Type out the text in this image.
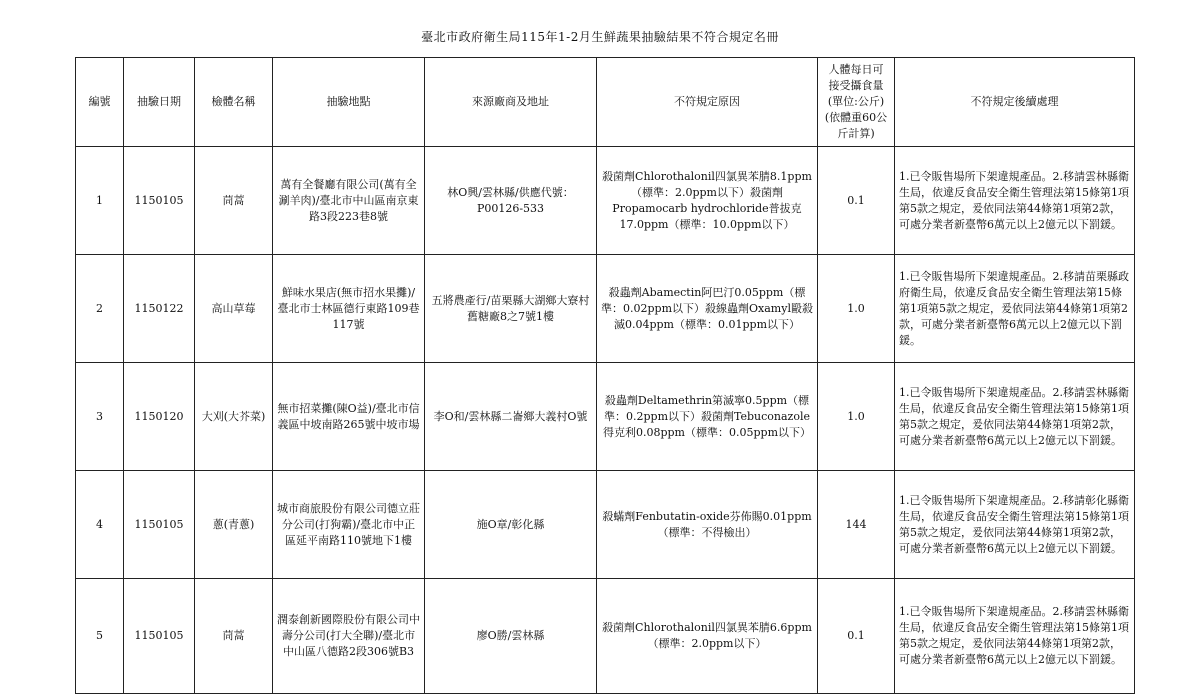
臺北市政府衛生局115年1-2月生鮮蔬果抽驗結果不符合規定名冊
編號	抽驗日期	檢體名稱	抽驗地點	來源廠商及地址	不符規定原因	人體每日可
接受攝食量
(單位:公斤)
(依體重60公
斤計算)	不符規定後續處理
1	1150105	茼蒿	萬有全餐廳有限公司(萬有全涮羊肉)/臺北市中山區南京東路3段223巷8號	林O興/雲林縣/供應代號：P00126-533	殺菌劑Chlorothalonil四氯異苯腈8.1ppm（標準：2.0ppm以下）殺菌劑Propamocarb hydrochloride普拔克17.0ppm（標準：10.0ppm以下）	0.1	1.已令販售場所下架違規產品。2.移請雲林縣衛生局，依違反食品安全衛生管理法第15條第1項第5款之規定，爰依同法第44條第1項第2款，可處分業者新臺幣6萬元以上2億元以下罰鍰。
2	1150122	高山草莓	鮮味水果店(無市招水果攤)/臺北市士林區德行東路109巷117號	五將農產行/苗栗縣大湖鄉大寮村舊糖廠8之7號1樓	殺蟲劑Abamectin阿巴汀0.05ppm（標準：0.02ppm以下）殺線蟲劑Oxamyl毆殺滅0.04ppm（標準：0.01ppm以下）	1.0	1.已令販售場所下架違規產品。2.移請苗栗縣政府衛生局，依違反食品安全衛生管理法第15條第1項第5款之規定，爰依同法第44條第1項第2款，可處分業者新臺幣6萬元以上2億元以下罰鍰。
3	1150120	大刈(大芥菜)	無市招菜攤(陳O益)/臺北市信義區中坡南路265號中坡市場	李O和/雲林縣二崙鄉大義村O號	殺蟲劑Deltamethrin第滅寧0.5ppm（標準：0.2ppm以下）殺菌劑Tebuconazole得克利0.08ppm（標準：0.05ppm以下）	1.0	1.已令販售場所下架違規產品。2.移請雲林縣衛生局，依違反食品安全衛生管理法第15條第1項第5款之規定，爰依同法第44條第1項第2款，可處分業者新臺幣6萬元以上2億元以下罰鍰。
4	1150105	蔥(青蔥)	城市商旅股份有限公司德立莊分公司(打狗霸)/臺北市中正區延平南路110號地下1樓	施O章/彰化縣	殺蟎劑Fenbutatin-oxide芬佈賜0.01ppm（標準：不得檢出）	144	1.已令販售場所下架違規產品。2.移請彰化縣衛生局，依違反食品安全衛生管理法第15條第1項第5款之規定，爰依同法第44條第1項第2款，可處分業者新臺幣6萬元以上2億元以下罰鍰。
5	1150105	茼蒿	潤泰創新國際股份有限公司中壽分公司(打大全聯)/臺北市中山區八德路2段306號B3	廖O勝/雲林縣	殺菌劑Chlorothalonil四氯異苯腈6.6ppm（標準：2.0ppm以下）	0.1	1.已令販售場所下架違規產品。2.移請雲林縣衛生局，依違反食品安全衛生管理法第15條第1項第5款之規定，爰依同法第44條第1項第2款，可處分業者新臺幣6萬元以上2億元以下罰鍰。
